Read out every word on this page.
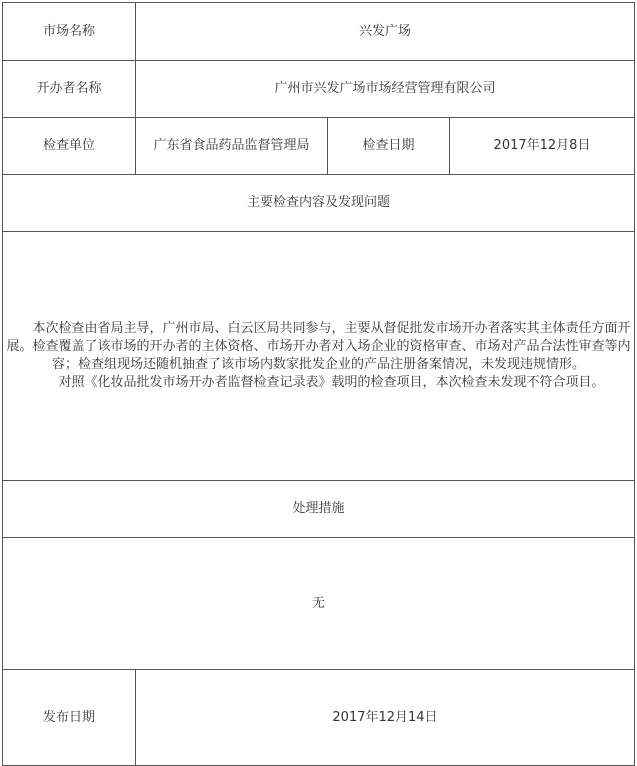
市场名称	兴发广场		
开办者名称	广州市兴发广场市场经营管理有限公司		
检查单位	广东省食品药品监督管理局	检查日期	2017年12月8日
主要检查内容及发现问题			

本次检查由省局主导，广州市局、白云区局共同参与，主要从督促批发市场开办者落实其主体责任方面开展。检查覆盖了该市场的开办者的主体资格、市场开办者对入场企业的资格审查、市场对产品合法性审查等内容；检查组现场还随机抽查了该市场内数家批发企业的产品注册备案情况，未发现违规情形。

对照《化妆品批发市场开办者监督检查记录表》载明的检查项目，本次检查未发现不符合项目。			

处理措施			
无			
发布日期	2017年12月14日		
